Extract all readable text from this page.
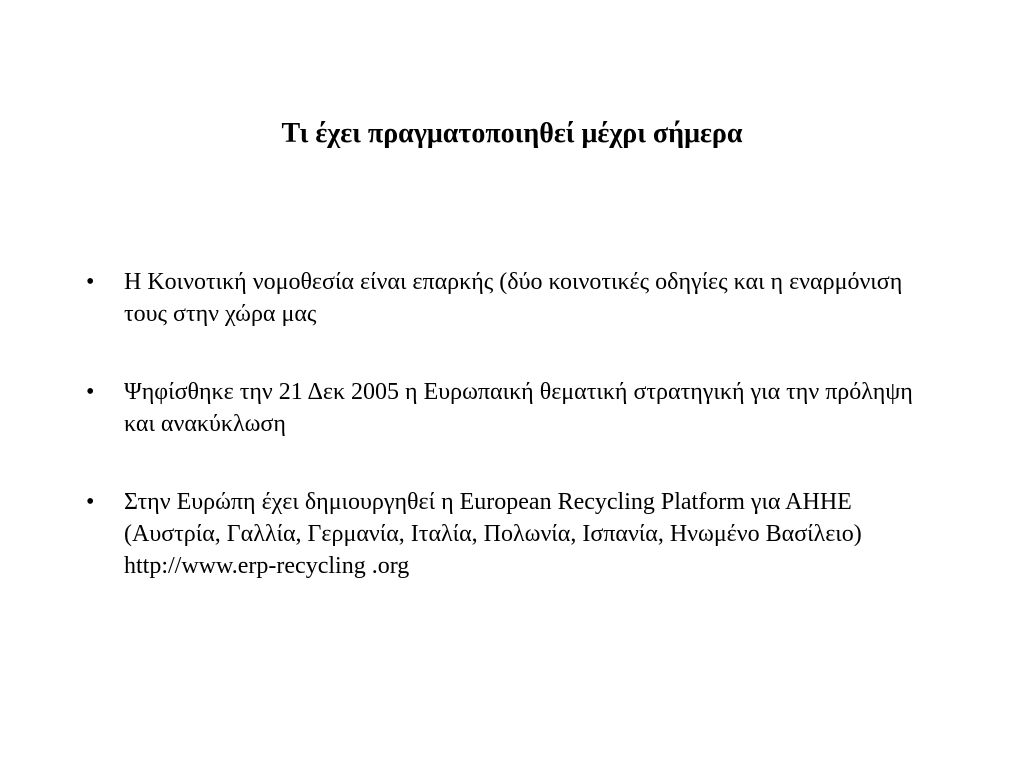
Τι έχει πραγματοποιηθεί μέχρι σήμερα
•	Η Κοινοτική νομοθεσία είναι επαρκής (δύο κοινοτικές οδηγίες και η εναρμόνιση τους στην χώρα μας
•	Ψηφίσθηκε την 21 Δεκ 2005 η Ευρωπαική θεματική στρατηγική για την πρόληψη και ανακύκλωση
•	Στην Ευρώπη έχει δημιουργηθεί η European Recycling Platform για ΑΗΗΕ (Αυστρία, Γαλλία, Γερμανία, Ιταλία, Πολωνία, Ισπανία, Ηνωμένο Βασίλειο) http://www.erp-recycling .org
